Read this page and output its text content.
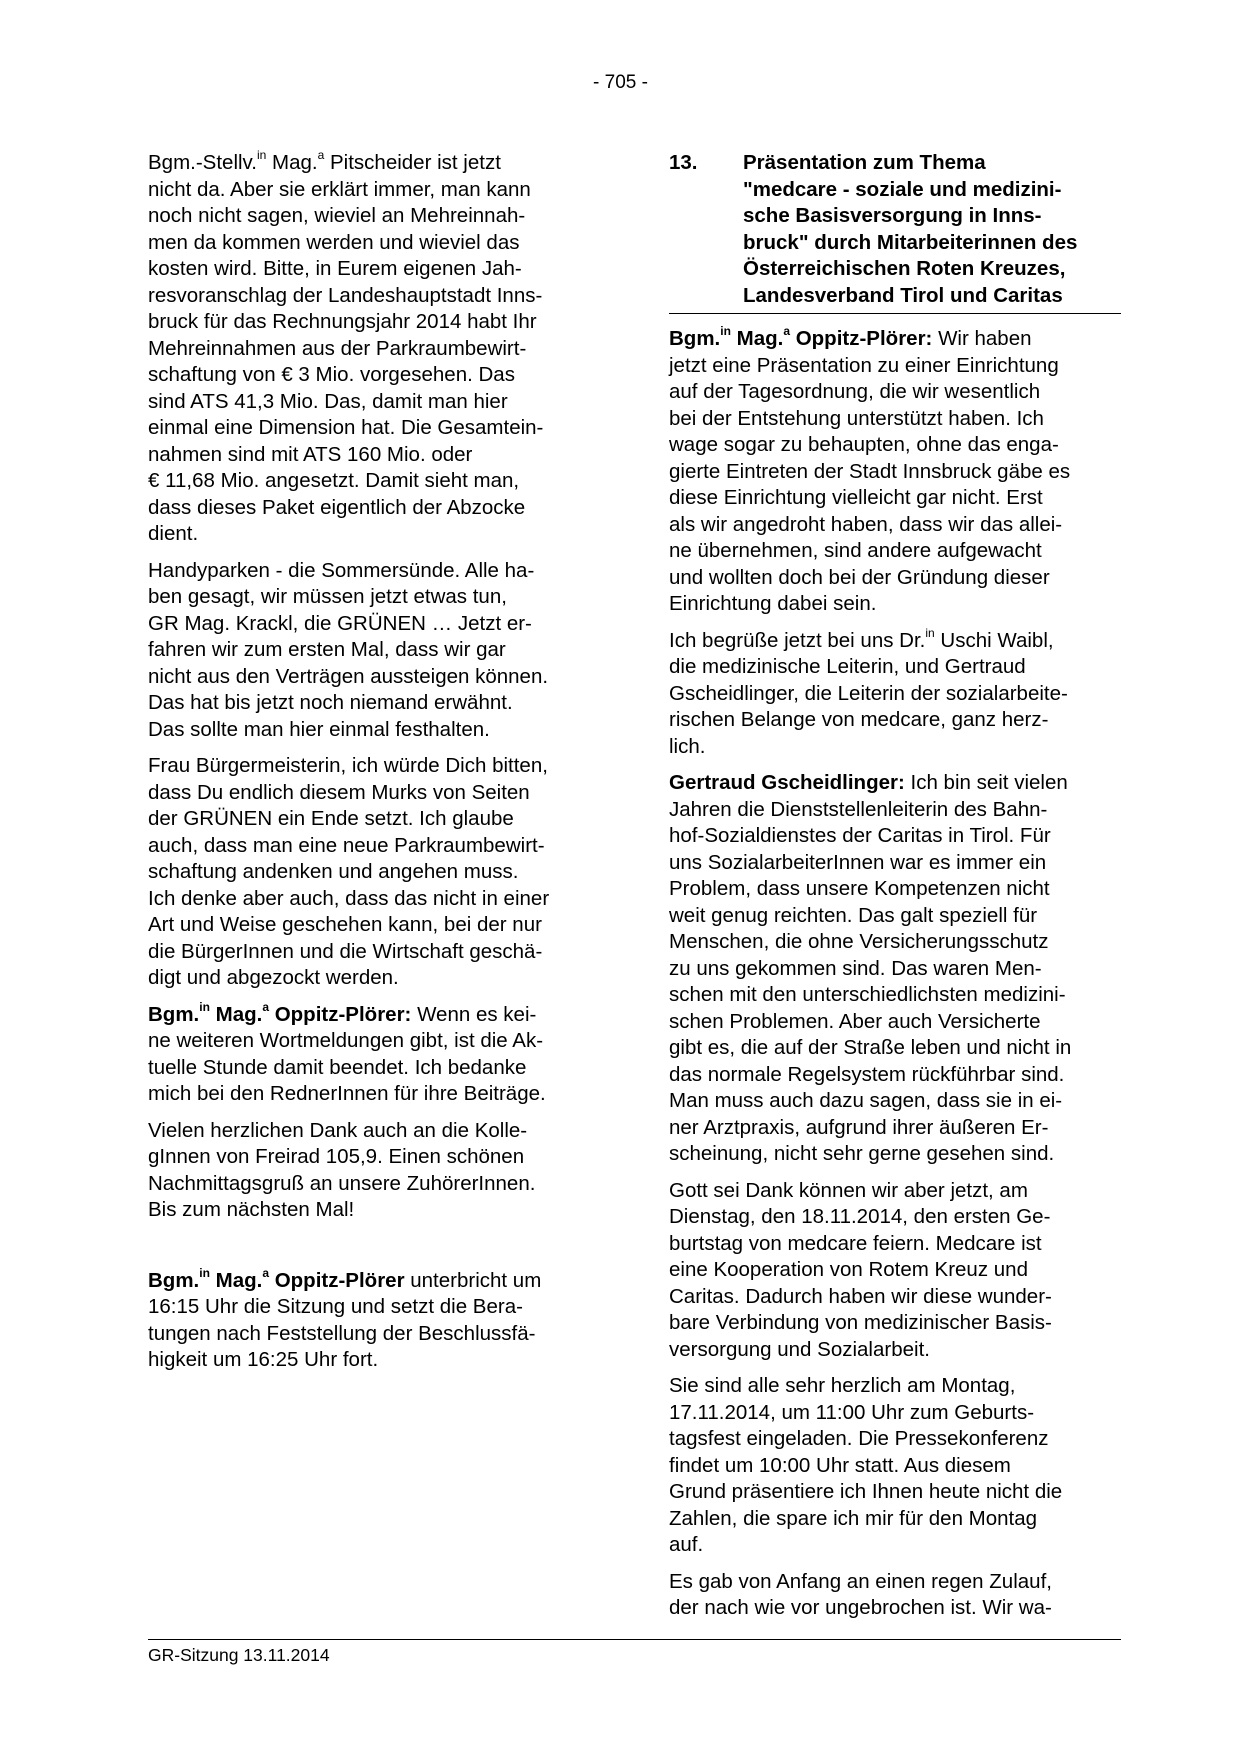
- 705 -

Bgm.-Stellv.$^{in}$ Mag.$^a$ Pitscheider ist jetzt
nicht da. Aber sie erklärt immer, man kann
noch nicht sagen, wieviel an Mehreinnah-
men da kommen werden und wieviel das
kosten wird. Bitte, in Eurem eigenen Jah-
resvoranschlag der Landeshauptstadt Inns-
bruck für das Rechnungsjahr 2014 habt Ihr
Mehreinnahmen aus der Parkraumbewirt-
schaftung von € 3 Mio. vorgesehen. Das
sind ATS 41,3 Mio. Das, damit man hier
einmal eine Dimension hat. Die Gesamtein-
nahmen sind mit ATS 160 Mio. oder
€ 11,68 Mio. angesetzt. Damit sieht man,
dass dieses Paket eigentlich der Abzocke
dient.

Handyparken - die Sommersünde. Alle ha-
ben gesagt, wir müssen jetzt etwas tun,
GR Mag. Krackl, die GRÜNEN … Jetzt er-
fahren wir zum ersten Mal, dass wir gar
nicht aus den Verträgen aussteigen können.
Das hat bis jetzt noch niemand erwähnt.
Das sollte man hier einmal festhalten.

Frau Bürgermeisterin, ich würde Dich bitten,
dass Du endlich diesem Murks von Seiten
der GRÜNEN ein Ende setzt. Ich glaube
auch, dass man eine neue Parkraumbewirt-
schaftung andenken und angehen muss.
Ich denke aber auch, dass das nicht in einer
Art und Weise geschehen kann, bei der nur
die BürgerInnen und die Wirtschaft geschä-
digt und abgezockt werden.

Bgm.$^{in}$ Mag.$^a$ Oppitz-Plörer: Wenn es kei-
ne weiteren Wortmeldungen gibt, ist die Ak-
tuelle Stunde damit beendet. Ich bedanke
mich bei den RednerInnen für ihre Beiträge.

Vielen herzlichen Dank auch an die Kolle-
gInnen von Freirad 105,9. Einen schönen
Nachmittagsgruß an unsere ZuhörerInnen.
Bis zum nächsten Mal!

Bgm.$^{in}$ Mag.$^a$ Oppitz-Plörer unterbricht um
16:15 Uhr die Sitzung und setzt die Bera-
tungen nach Feststellung der Beschlussfä-
higkeit um 16:25 Uhr fort.

13.	Präsentation zum Thema

"medcare - soziale und medizini-

sche Basisversorgung in Inns-

bruck" durch Mitarbeiterinnen des

Österreichischen Roten Kreuzes,

Landesverband Tirol und Caritas

Bgm.$^{in}$ Mag.$^a$ Oppitz-Plörer: Wir haben
jetzt eine Präsentation zu einer Einrichtung
auf der Tagesordnung, die wir wesentlich
bei der Entstehung unterstützt haben. Ich
wage sogar zu behaupten, ohne das enga-
gierte Eintreten der Stadt Innsbruck gäbe es
diese Einrichtung vielleicht gar nicht. Erst
als wir angedroht haben, dass wir das allei-
ne übernehmen, sind andere aufgewacht
und wollten doch bei der Gründung dieser
Einrichtung dabei sein.

Ich begrüße jetzt bei uns Dr.$^{in}$ Uschi Waibl,
die medizinische Leiterin, und Gertraud
Gscheidlinger, die Leiterin der sozialarbeite-
rischen Belange von medcare, ganz herz-
lich.

Gertraud Gscheidlinger: Ich bin seit vielen
Jahren die Dienststellenleiterin des Bahn-
hof-Sozialdienstes der Caritas in Tirol. Für
uns SozialarbeiterInnen war es immer ein
Problem, dass unsere Kompetenzen nicht
weit genug reichten. Das galt speziell für
Menschen, die ohne Versicherungsschutz
zu uns gekommen sind. Das waren Men-
schen mit den unterschiedlichsten medizini-
schen Problemen. Aber auch Versicherte
gibt es, die auf der Straße leben und nicht in
das normale Regelsystem rückführbar sind.
Man muss auch dazu sagen, dass sie in ei-
ner Arztpraxis, aufgrund ihrer äußeren Er-
scheinung, nicht sehr gerne gesehen sind.

Gott sei Dank können wir aber jetzt, am
Dienstag, den 18.11.2014, den ersten Ge-
burtstag von medcare feiern. Medcare ist
eine Kooperation von Rotem Kreuz und
Caritas. Dadurch haben wir diese wunder-
bare Verbindung von medizinischer Basis-
versorgung und Sozialarbeit.

Sie sind alle sehr herzlich am Montag,
17.11.2014, um 11:00 Uhr zum Geburts-
tagsfest eingeladen. Die Pressekonferenz
findet um 10:00 Uhr statt. Aus diesem
Grund präsentiere ich Ihnen heute nicht die
Zahlen, die spare ich mir für den Montag
auf.

Es gab von Anfang an einen regen Zulauf,
der nach wie vor ungebrochen ist. Wir wa-

GR-Sitzung 13.11.2014
